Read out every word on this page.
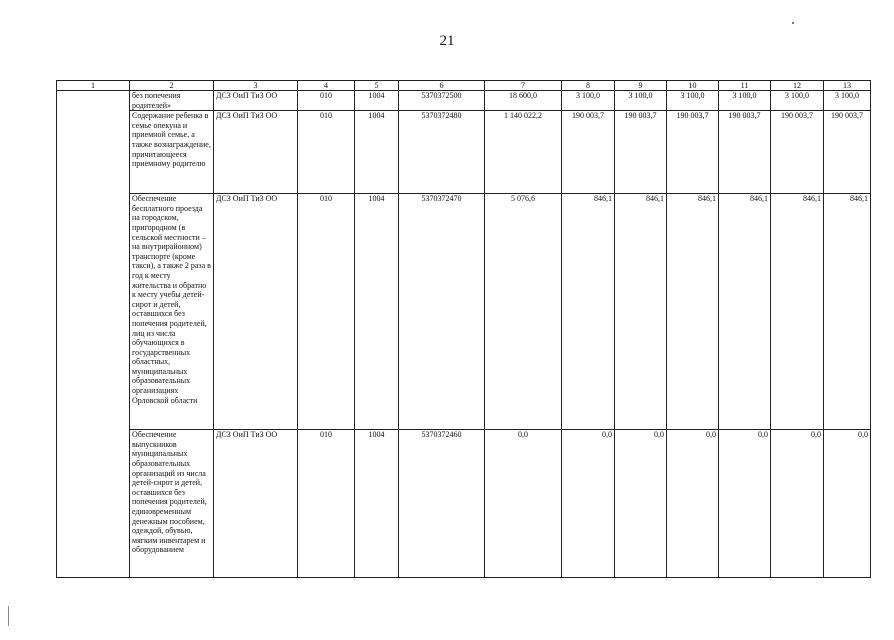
21
1	2	3	4	5	6	7	8	9	10	11	12	13
	без попечения родителей»	ДСЗ ОиП ТиЗ ОО	010	1004	5370372500	18 600,0	3 100,0	3 100,0	3 100,0	3 100,0	3 100,0	3 100,0
	Содержание ребенка в семье опекуна и приемной семье, а также вознаграждение, причитающееся приемному родителю	ДСЗ ОиП ТиЗ ОО	010	1004	5370372480	1 140 022,2	190 003,7	190 003,7	190 003,7	190 003,7	190 003,7	190 003,7
	Обеспечение бесплатного проезда на городском, пригородном (в сельской местности – на внутрирайонном) транспорте (кроме такси), а также 2 раза в год к месту жительства и обратно к месту учебы детей-сирот и детей, оставшихся без попечения родителей, лиц из числа обучающихся в государственных областных, муниципальных образовательных организациях Орловской области	ДСЗ ОиП ТиЗ ОО	010	1004	5370372470	5 076,6	846,1	846,1	846,1	846,1	846,1	846,1
	Обеспечение выпускников муниципальных образовательных организаций из числа детей-сирот и детей, оставшихся без попечения родителей, единовременным денежным пособием, одеждой, обувью, мягким инвентарем и оборудованием	ДСЗ ОиП ТиЗ ОО	010	1004	5370372460	0,0	0,0	0,0	0,0	0,0	0,0	0,0
